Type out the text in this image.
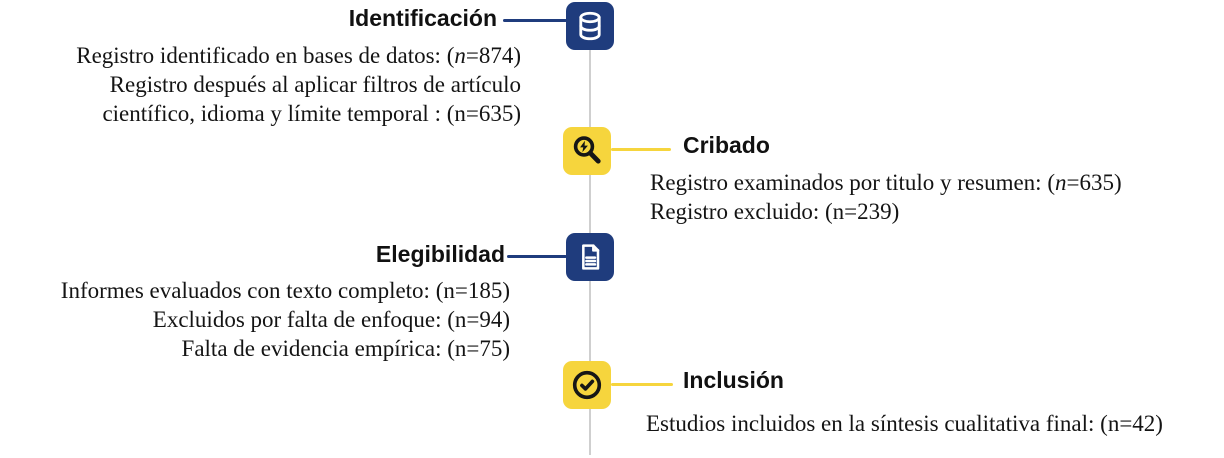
Identificación
Registro identificado en bases de datos: (n=874)
Registro después al aplicar filtros de artículo
científico, idioma y límite temporal : (n=635)
Cribado
Registro examinados por titulo y resumen: (n=635)
Registro excluido: (n=239)
Elegibilidad
Informes evaluados con texto completo: (n=185)
Excluidos por falta de enfoque: (n=94)
Falta de evidencia empírica: (n=75)
Inclusión
Estudios incluidos en la síntesis cualitativa final: (n=42)
